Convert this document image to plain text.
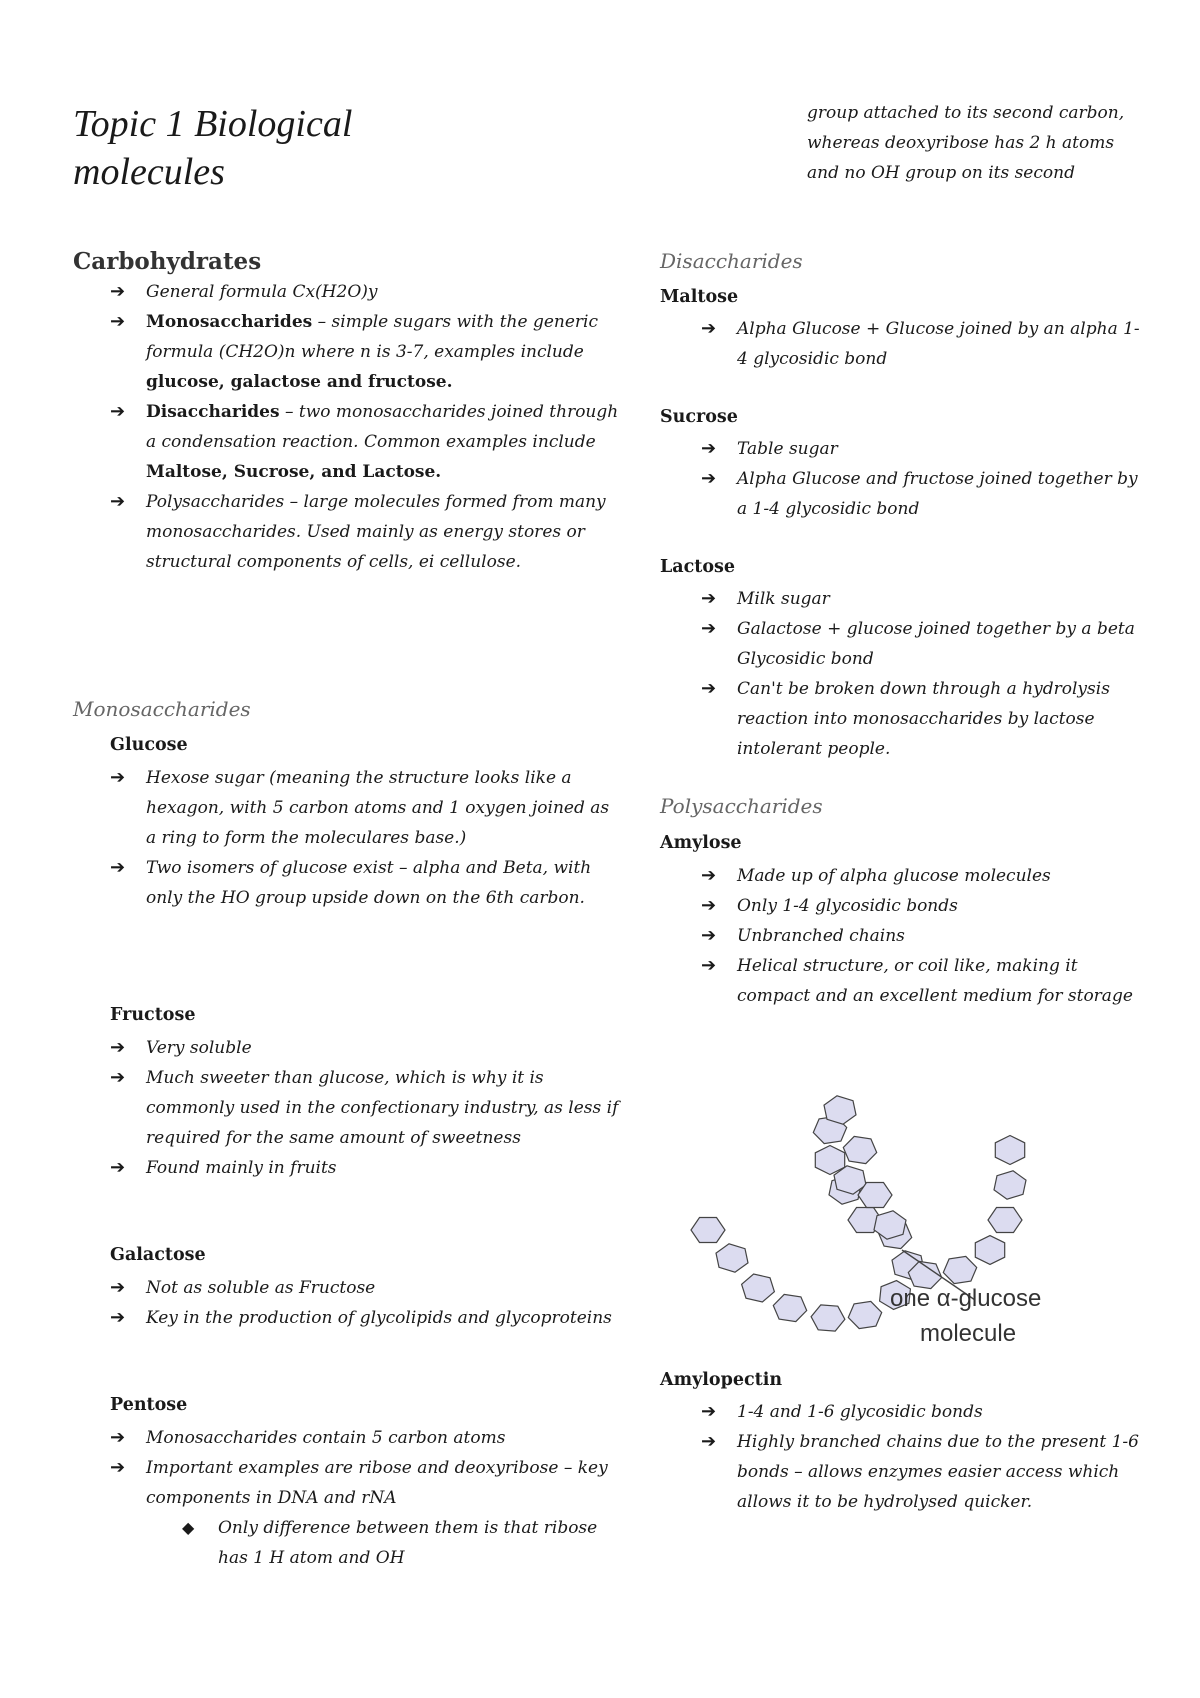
Topic 1 Biological
molecules
Carbohydrates
➔ General formula Cx(H2O)y
➔ Monosaccharides – simple sugars with the generic formula (CH2O)n where n is 3-7, examples include glucose, galactose and fructose.
➔ Disaccharides – two monosaccharides joined through a condensation reaction. Common examples include Maltose, Sucrose, and Lactose.
➔ Polysaccharides – large molecules formed from many monosaccharides. Used mainly as energy stores or structural components of cells, ei cellulose.
Monosaccharides
Glucose
➔ Hexose sugar (meaning the structure looks like a hexagon, with 5 carbon atoms and 1 oxygen joined as a ring to form the moleculares base.)
➔ Two isomers of glucose exist – alpha and Beta, with only the HO group upside down on the 6th carbon.
Fructose
➔ Very soluble
➔ Much sweeter than glucose, which is why it is commonly used in the confectionary industry, as less if required for the same amount of sweetness
➔ Found mainly in fruits
Galactose
➔ Not as soluble as Fructose
➔ Key in the production of glycolipids and glycoproteins
Pentose
➔ Monosaccharides contain 5 carbon atoms
➔ Important examples are ribose and deoxyribose – key components in DNA and rNA
◆ Only difference between them is that ribose has 1 H atom and OH

group attached to its second carbon, whereas deoxyribose has 2 h atoms and no OH group on its second

Disaccharides
Maltose
➔ Alpha Glucose + Glucose joined by an alpha 1-4 glycosidic bond
Sucrose
➔ Table sugar
➔ Alpha Glucose and fructose joined together by a 1-4 glycosidic bond
Lactose
➔ Milk sugar
➔ Galactose + glucose joined together by a beta Glycosidic bond
➔ Can't be broken down through a hydrolysis reaction into monosaccharides by lactose intolerant people.
Polysaccharides
Amylose
➔ Made up of alpha glucose molecules
➔ Only 1-4 glycosidic bonds
➔ Unbranched chains
➔ Helical structure, or coil like, making it compact and an excellent medium for storage
Amylopectin
➔ 1-4 and 1-6 glycosidic bonds
➔ Highly branched chains due to the present 1-6 bonds – allows enzymes easier access which allows it to be hydrolysed quicker.

one α-glucose

molecule
